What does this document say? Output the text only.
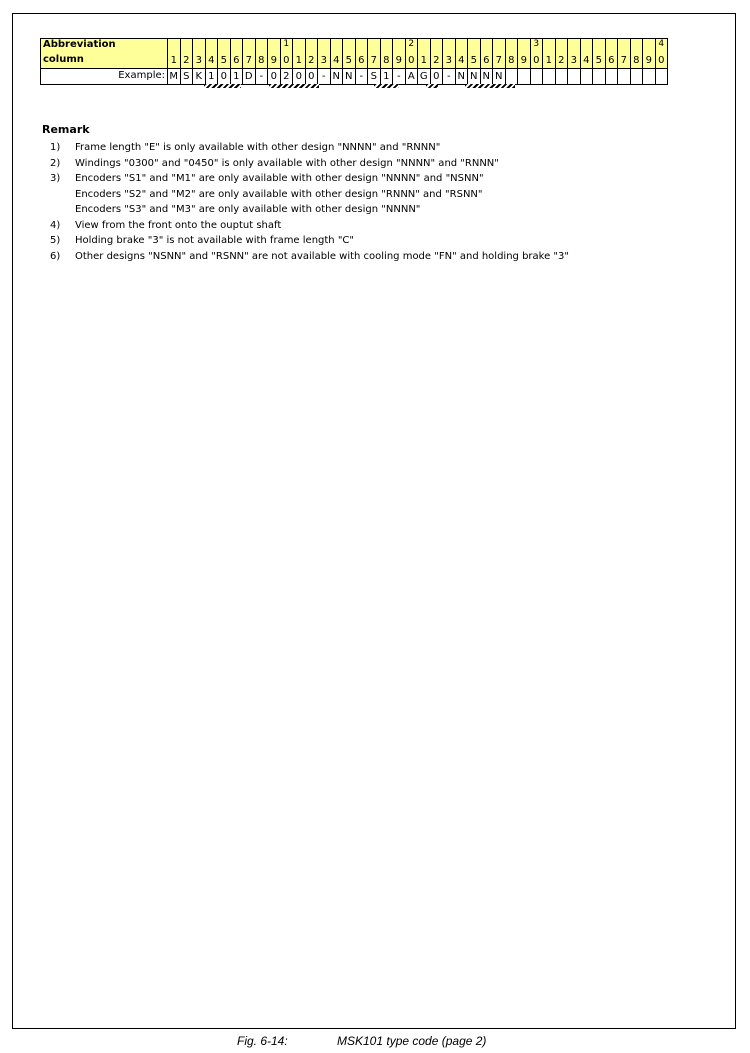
Abbreviation										1										2										3										4
column	1	2	3	4	5	6	7	8	9	0	1	2	3	4	5	6	7	8	9	0	1	2	3	4	5	6	7	8	9	0	1	2	3	4	5	6	7	8	9	0
Example:	M	S	K	1	0	1	D	-	0	2	0	0	-	N	N	-	S	1	-	A	G	0	-	N	N	N	N													
Remark
1)	Frame length "E" is only available with other design "NNNN" and "RNNN"
2)	Windings "0300" and "0450" is only available with other design "NNNN" and "RNNN"
3)	Encoders "S1" and "M1" are only available with other design "NNNN" and "NSNN"
Encoders "S2" and "M2" are only available with other design "RNNN" and "RSNN"
Encoders "S3" and "M3" are only available with other design "NNNN"
4)	View from the front onto the ouptut shaft
5)	Holding brake "3" is not available with frame length "C"
6)	Other designs "NSNN" and "RSNN" are not available with cooling mode "FN" and holding brake "3"
Fig. 6-14:	MSK101 type code (page 2)
